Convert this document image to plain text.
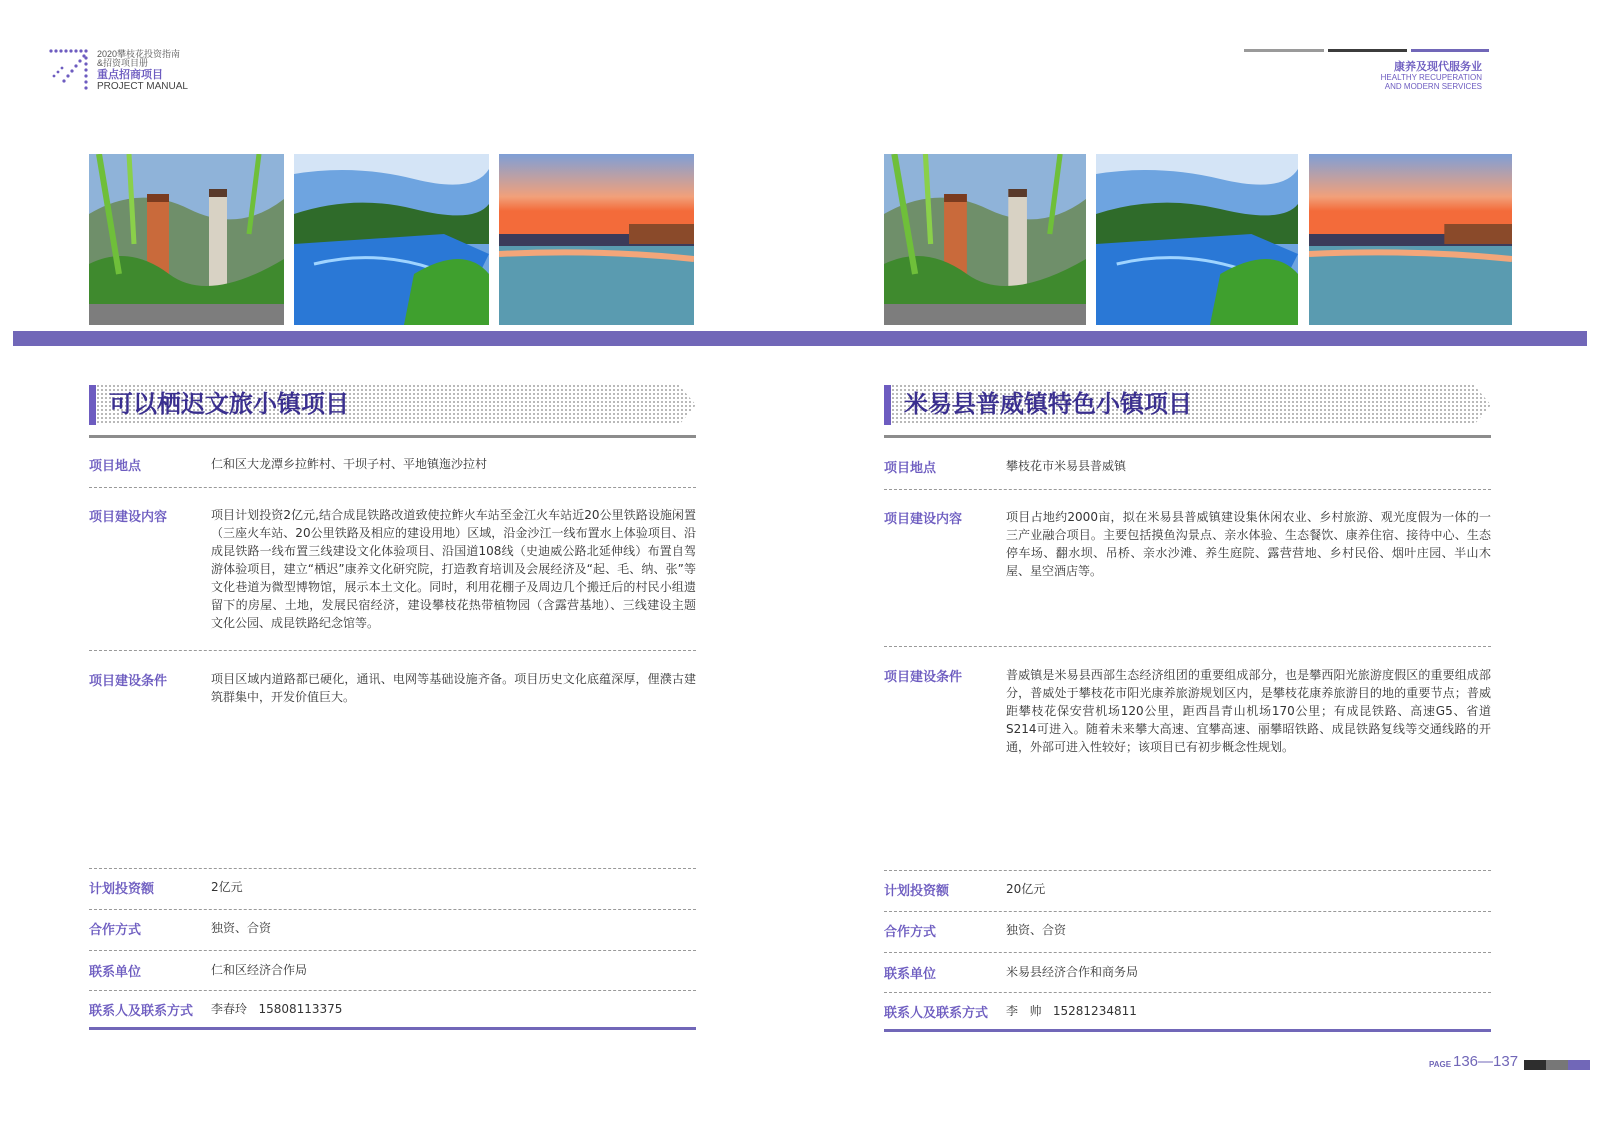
2020攀枝花投资指南
&招资项目册
重点招商项目
PROJECT MANUAL
康养及现代服务业
HEALTHY RECUPERATION
AND MODERN SERVICES
可以栖迟文旅小镇项目
项目地点	仁和区大龙潭乡拉鲊村、干坝子村、平地镇迤沙拉村
项目建设内容	项目计划投资2亿元,结合成昆铁路改道致使拉鲊火车站至金江火车站近20公里铁路设施闲置（三座火车站、20公里铁路及相应的建设用地）区域，沿金沙江一线布置水上体验项目、沿成昆铁路一线布置三线建设文化体验项目、沿国道108线（史迪威公路北延伸线）布置自驾游体验项目，建立“栖迟”康养文化研究院，打造教育培训及会展经济及“起、毛、纳、张”等文化巷道为微型博物馆，展示本土文化。同时，利用花棚子及周边几个搬迁后的村民小组遗留下的房屋、土地，发展民宿经济，建设攀枝花热带植物园（含露营基地）、三线建设主题文化公园、成昆铁路纪念馆等。
项目建设条件	项目区域内道路都已硬化，通讯、电网等基础设施齐备。项目历史文化底蕴深厚，俚濮古建筑群集中，开发价值巨大。
计划投资额	2亿元
合作方式	独资、合资
联系单位	仁和区经济合作局
联系人及联系方式 李春玲   15808113375
米易县普威镇特色小镇项目
项目地点	攀枝花市米易县普威镇
项目建设内容	项目占地约2000亩，拟在米易县普威镇建设集休闲农业、乡村旅游、观光度假为一体的一三产业融合项目。主要包括摸鱼沟景点、亲水体验、生态餐饮、康养住宿、接待中心、生态停车场、翻水坝、吊桥、亲水沙滩、养生庭院、露营营地、乡村民俗、烟叶庄园、半山木屋、星空酒店等。
项目建设条件	普威镇是米易县西部生态经济组团的重要组成部分，也是攀西阳光旅游度假区的重要组成部分，普威处于攀枝花市阳光康养旅游规划区内，是攀枝花康养旅游目的地的重要节点；普威距攀枝花保安营机场120公里，距西昌青山机场170公里；有成昆铁路、高速G5、省道S214可进入。随着未来攀大高速、宜攀高速、丽攀昭铁路、成昆铁路复线等交通线路的开通，外部可进入性较好；该项目已有初步概念性规划。
计划投资额	20亿元
合作方式	独资、合资
联系单位	米易县经济合作和商务局
联系人及联系方式 李   帅   15281234811
PAGE 136—137
